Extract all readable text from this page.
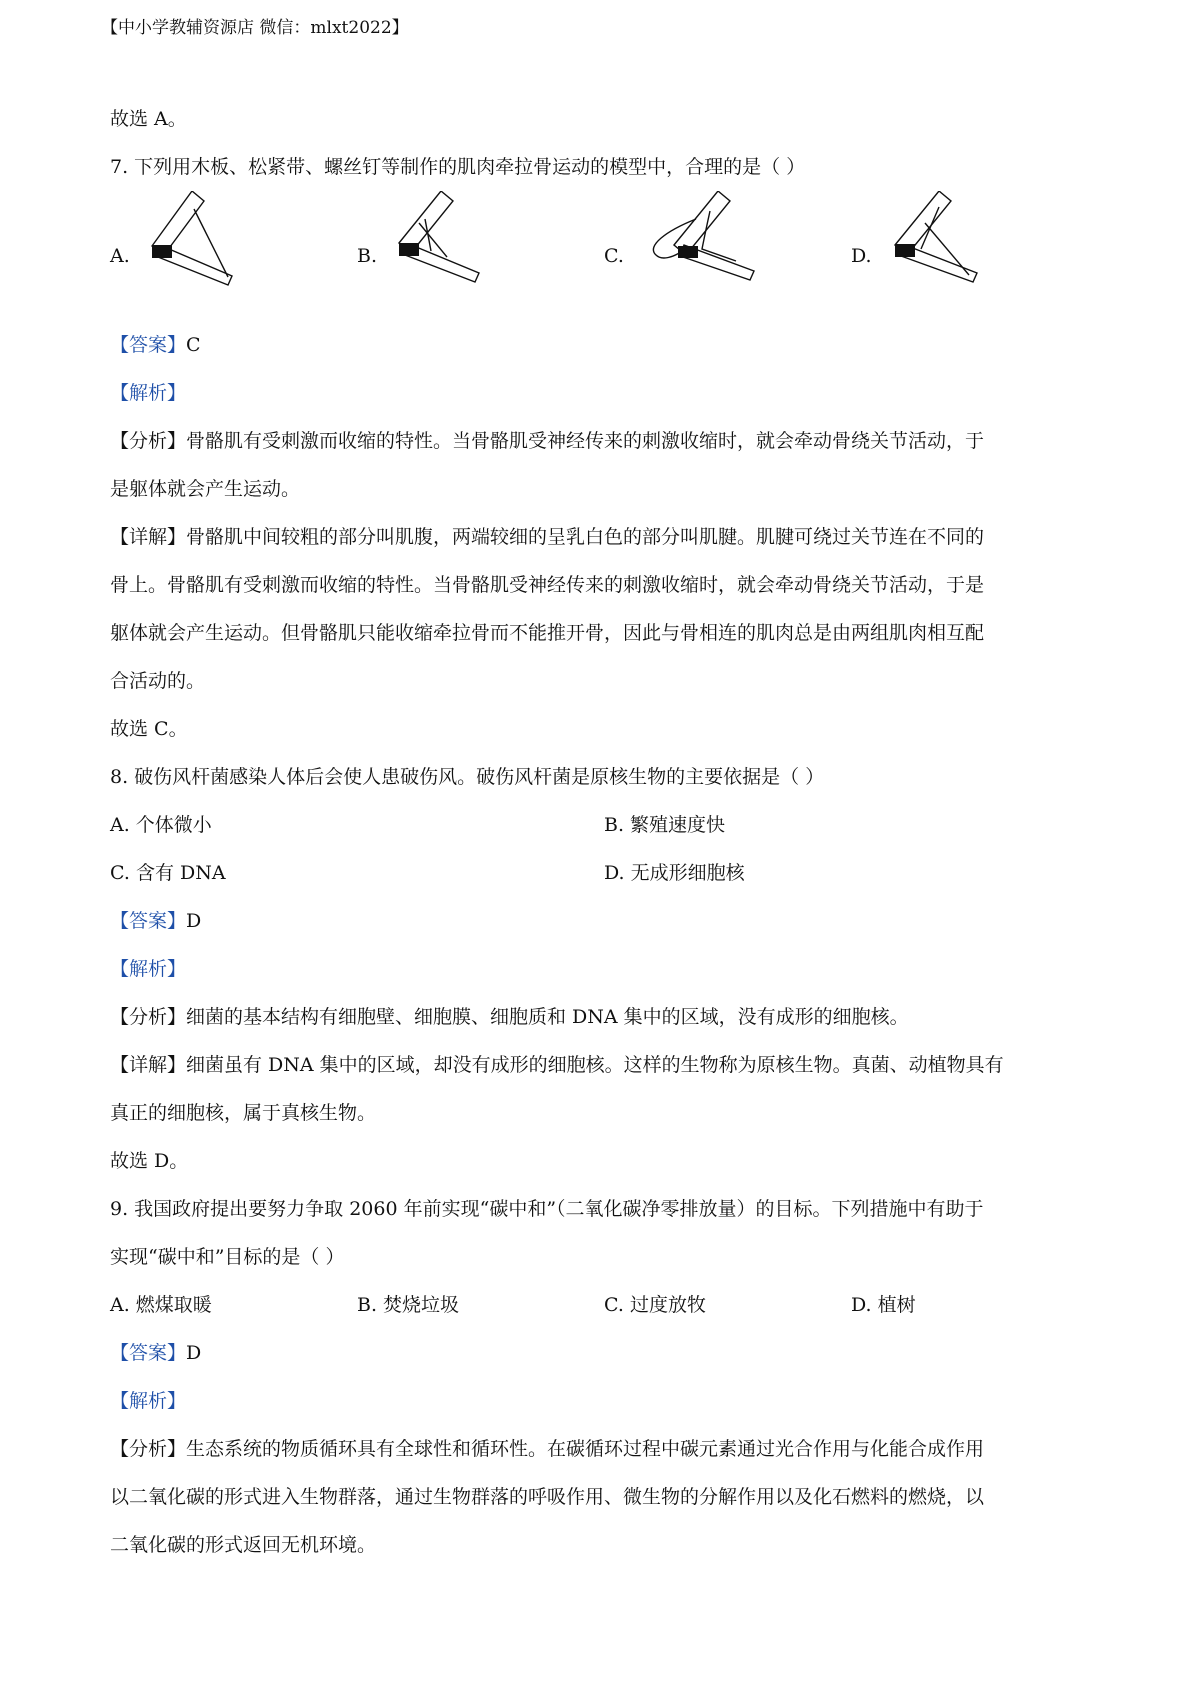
【中小学教辅资源店 微信：mlxt2022】
故选 A。
7. 下列用木板、松紧带、螺丝钉等制作的肌肉牵拉骨运动的模型中，合理的是（ ）
A.	B.	C.	D.
【答案】C
【解析】
【分析】骨骼肌有受刺激而收缩的特性。当骨骼肌受神经传来的刺激收缩时，就会牵动骨绕关节活动，于
是躯体就会产生运动。
【详解】骨骼肌中间较粗的部分叫肌腹，两端较细的呈乳白色的部分叫肌腱。肌腱可绕过关节连在不同的
骨上。骨骼肌有受刺激而收缩的特性。当骨骼肌受神经传来的刺激收缩时，就会牵动骨绕关节活动，于是
躯体就会产生运动。但骨骼肌只能收缩牵拉骨而不能推开骨，因此与骨相连的肌肉总是由两组肌肉相互配
合活动的。
故选 C。
8. 破伤风杆菌感染人体后会使人患破伤风。破伤风杆菌是原核生物的主要依据是（ ）
A. 个体微小	B. 繁殖速度快
C. 含有 DNA	D. 无成形细胞核
【答案】D
【解析】
【分析】细菌的基本结构有细胞壁、细胞膜、细胞质和 DNA 集中的区域，没有成形的细胞核。
【详解】细菌虽有 DNA 集中的区域，却没有成形的细胞核。这样的生物称为原核生物。真菌、动植物具有
真正的细胞核，属于真核生物。
故选 D。
9. 我国政府提出要努力争取 2060 年前实现“碳中和”（二氧化碳净零排放量）的目标。下列措施中有助于
实现“碳中和”目标的是（ ）
A. 燃煤取暖	B. 焚烧垃圾	C. 过度放牧	D. 植树
【答案】D
【解析】
【分析】生态系统的物质循环具有全球性和循环性。在碳循环过程中碳元素通过光合作用与化能合成作用
以二氧化碳的形式进入生物群落，通过生物群落的呼吸作用、微生物的分解作用以及化石燃料的燃烧，以
二氧化碳的形式返回无机环境。
